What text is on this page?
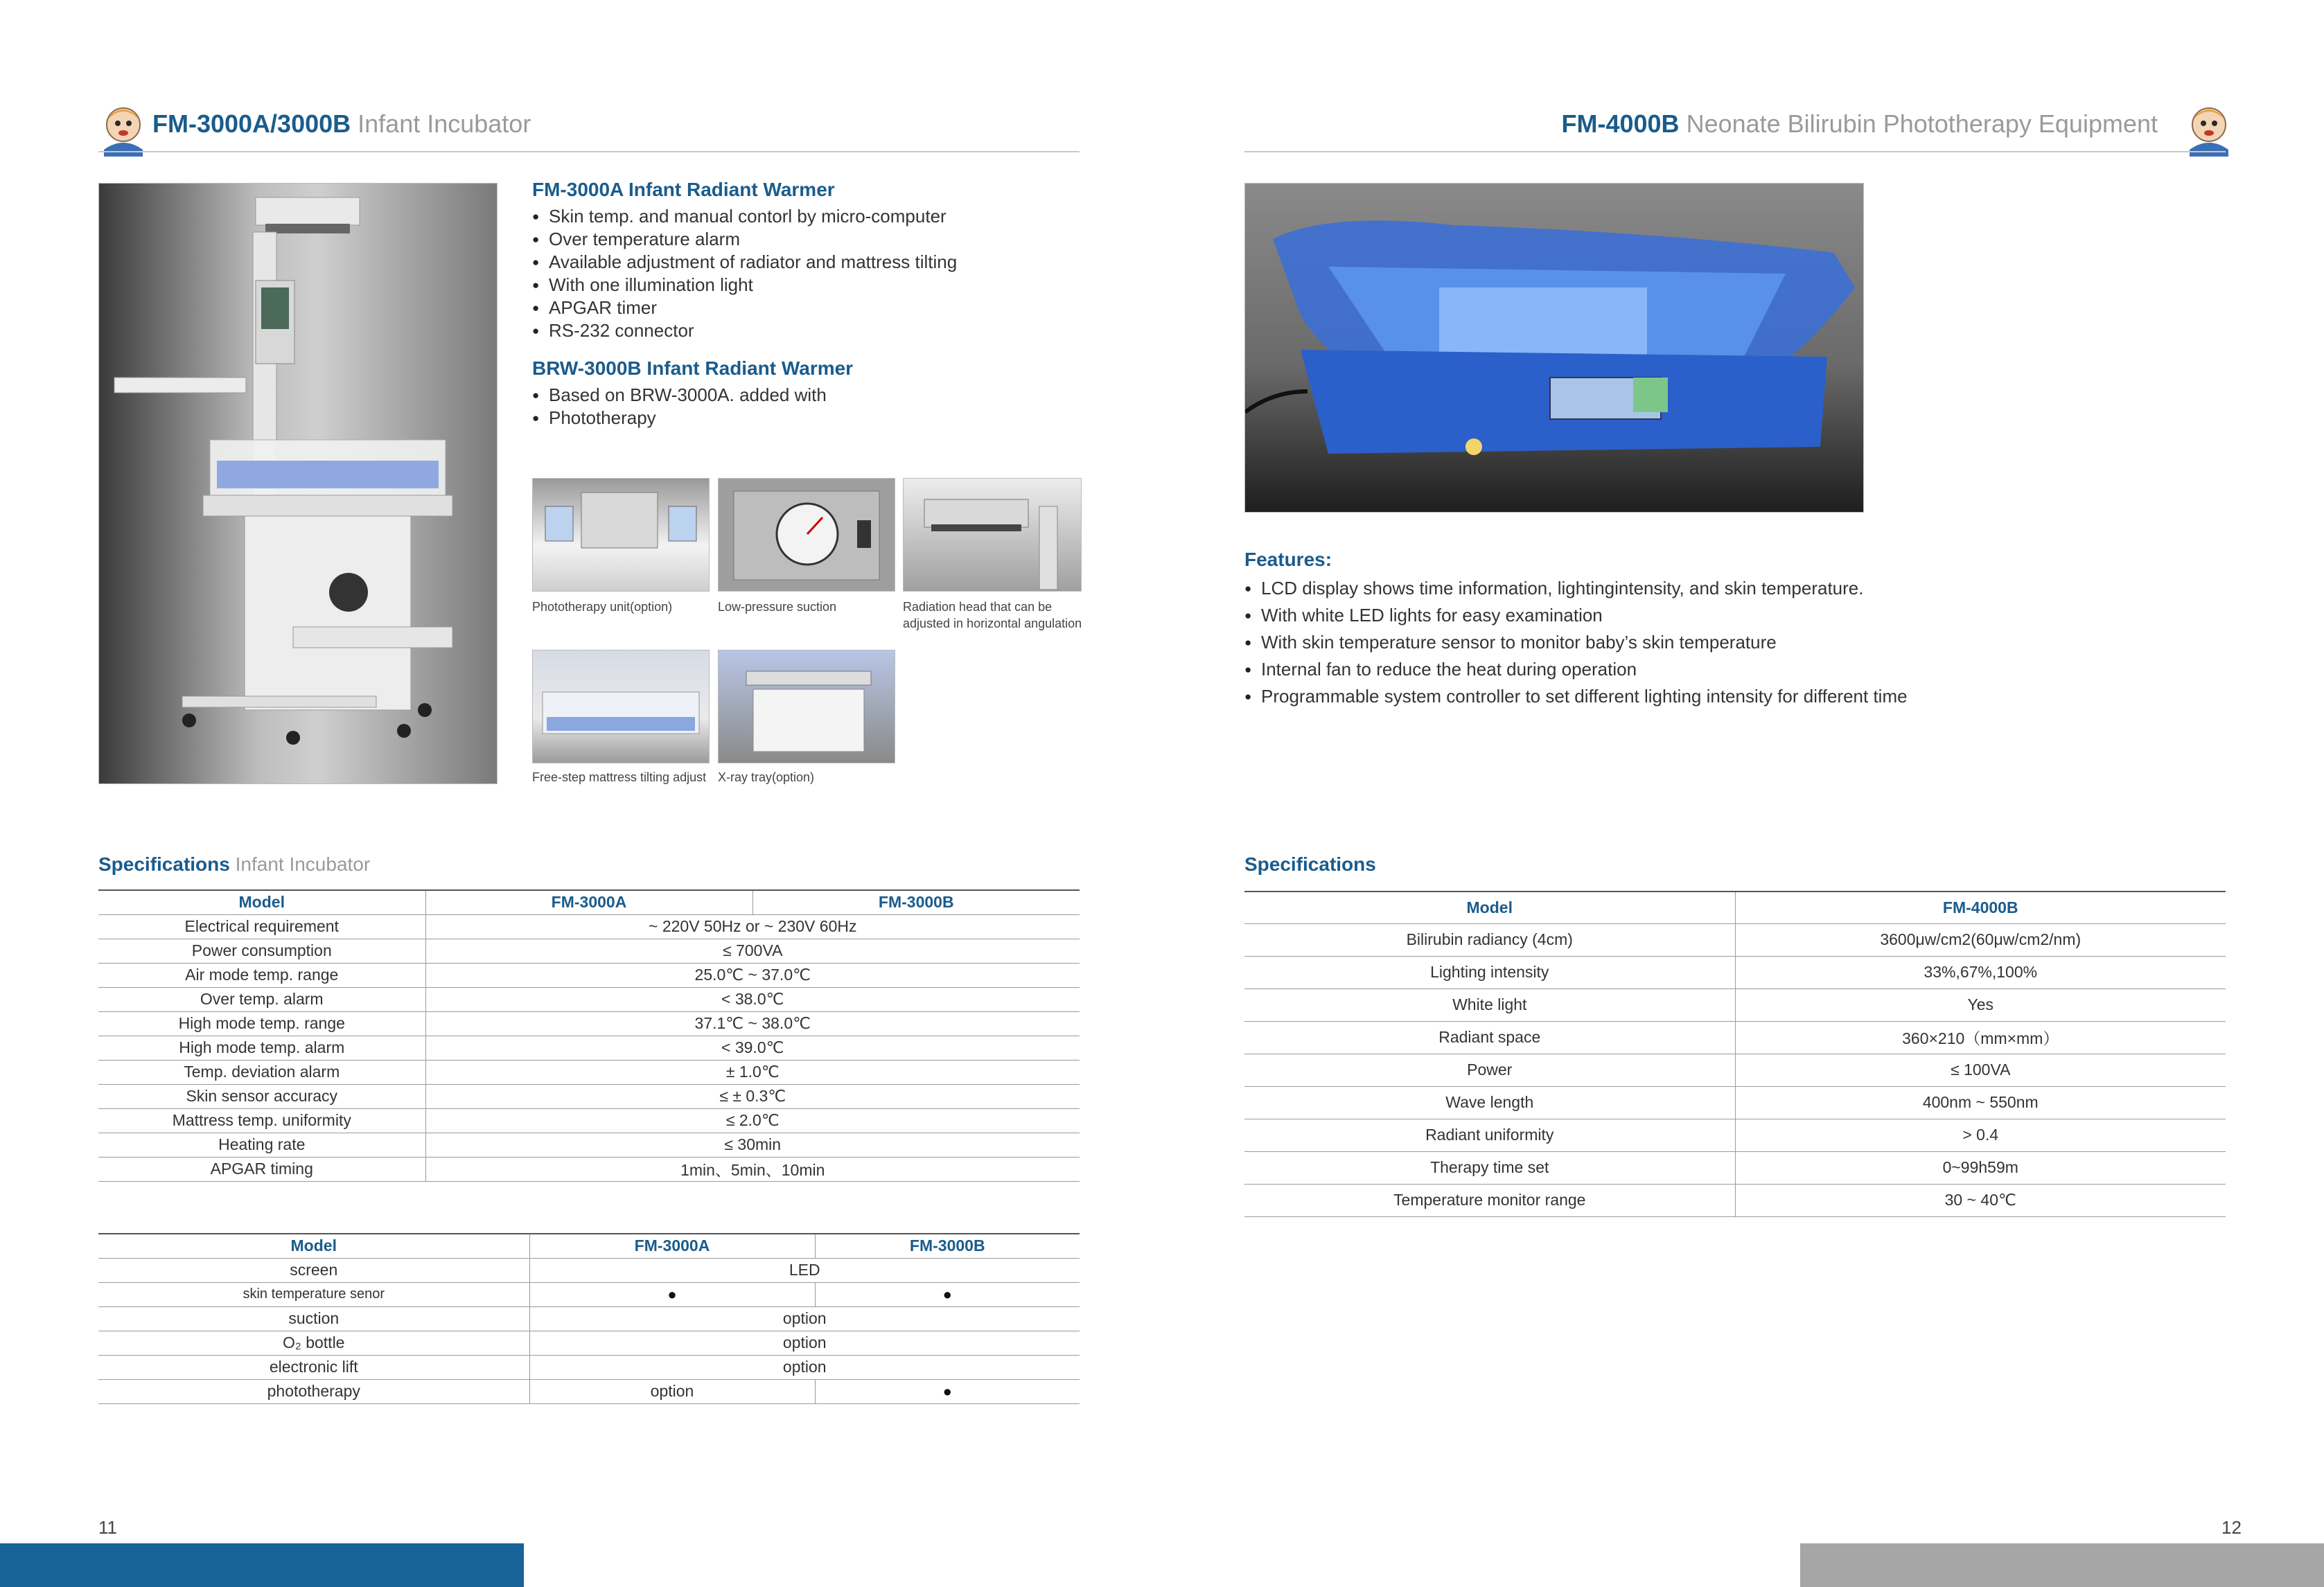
FM-3000A/3000B Infant Incubator
FM-3000A Infant Radiant Warmer
● Skin temp. and manual contorl by micro-computer
● Over temperature alarm
● Available adjustment of radiator and mattress tilting
● With one illumination light
● APGAR timer
● RS-232 connector
BRW-3000B Infant Radiant Warmer
● Based on BRW-3000A. added with
● Phototherapy
Phototherapy unit(option)	Low-pressure suction	Radiation head that can be
adjusted in horizontal angulation
Free-step mattress tilting adjust X-ray tray(option)
Specifications Infant Incubator
Model	FM-3000A	FM-3000B
Electrical requirement	~ 220V 50Hz or ~ 230V 60Hz	
Power consumption	≤ 700VA	
Air mode temp. range	25.0℃ ~ 37.0℃	
Over temp. alarm	< 38.0℃	
High mode temp. range	37.1℃ ~ 38.0℃	
High mode temp. alarm	< 39.0℃	
Temp. deviation alarm	± 1.0℃	
Skin sensor accuracy	≤ ± 0.3℃	
Mattress temp. uniformity	≤ 2.0℃	
Heating rate	≤ 30min	
APGAR timing	1min、5min、10min	
Model	FM-3000A	FM-3000B
screen	LED	
skin temperature senor	●	●
suction	option	
O₂ bottle	option	
electronic lift	option	
phototherapy	option	●
11
FM-4000B Neonate Bilirubin Phototherapy Equipment
Features:
● LCD display shows time information, lightingintensity, and skin temperature.
● With white LED lights for easy examination
● With skin temperature sensor to monitor baby’s skin temperature
● Internal fan to reduce the heat during operation
● Programmable system controller to set different lighting intensity for different time
Specifications
Model	FM-4000B
Bilirubin radiancy (4cm)	3600μw/cm2(60μw/cm2/nm)
Lighting intensity	33%,67%,100%
White light	Yes
Radiant space	360×210（mm×mm）
Power	≤ 100VA
Wave length	400nm ~ 550nm
Radiant uniformity	> 0.4
Therapy time set	0~99h59m
Temperature monitor range	30 ~ 40℃
12
